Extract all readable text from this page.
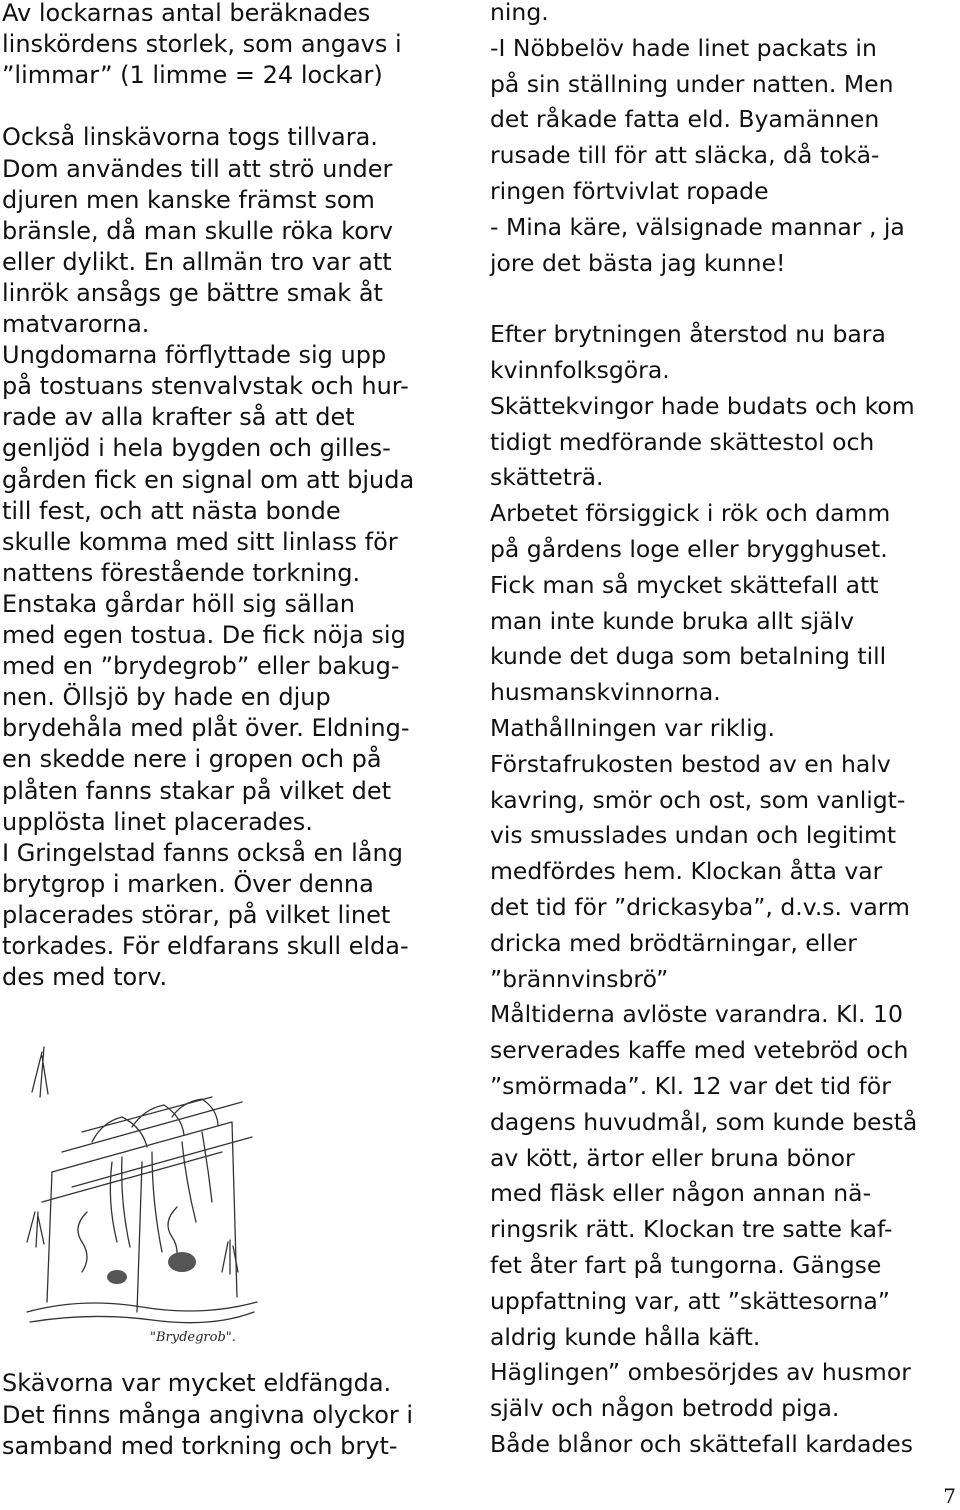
Av lockarnas antal beräknades
linskördens storlek, som angavs i
”limmar” (1 limme = 24 lockar)
Också linskävorna togs tillvara.
Dom användes till att strö under
djuren men kanske främst som
bränsle, då man skulle röka korv
eller dylikt. En allmän tro var att
linrök ansågs ge bättre smak åt
matvarorna.
Ungdomarna förflyttade sig upp
på tostuans stenvalvstak och hur-
rade av alla krafter så att det
genljöd i hela bygden och gilles-
gården fick en signal om att bjuda
till fest, och att nästa bonde
skulle komma med sitt linlass för
nattens förestående torkning.
Enstaka gårdar höll sig sällan
med egen tostua. De fick nöja sig
med en ”brydegrob” eller bakug-
nen. Öllsjö by hade en djup
brydehåla med plåt över. Eldning-
en skedde nere i gropen och på
plåten fanns stakar på vilket det
upplösta linet placerades.
I Gringelstad fanns också en lång
brytgrop i marken. Över denna
placerades störar, på vilket linet
torkades. För eldfarans skull elda-
des med torv.
"Brydegrob".
Skävorna var mycket eldfängda.
Det finns många angivna olyckor i
samband med torkning och bryt-
ning.
-I Nöbbelöv hade linet packats in
på sin ställning under natten. Men
det råkade fatta eld. Byamännen
rusade till för att släcka, då tokä-
ringen förtvivlat ropade
- Mina käre, välsignade mannar , ja
jore det bästa jag kunne!
Efter brytningen återstod nu bara
kvinnfolksgöra.
Skättekvingor hade budats och kom
tidigt medförande skättestol och
skätteträ.
Arbetet försiggick i rök och damm
på gårdens loge eller brygghuset.
Fick man så mycket skättefall att
man inte kunde bruka allt själv
kunde det duga som betalning till
husmanskvinnorna.
Mathållningen var riklig.
Förstafrukosten bestod av en halv
kavring, smör och ost, som vanligt-
vis smusslades undan och legitimt
medfördes hem. Klockan åtta var
det tid för ”drickasyba”, d.v.s. varm
dricka med brödtärningar, eller
”brännvinsbrö”
Måltiderna avlöste varandra. Kl. 10
serverades kaffe med vetebröd och
”smörmada”. Kl. 12 var det tid för
dagens huvudmål, som kunde bestå
av kött, ärtor eller bruna bönor
med fläsk eller någon annan nä-
ringsrik rätt. Klockan tre satte kaf-
fet åter fart på tungorna. Gängse
uppfattning var, att ”skättesorna”
aldrig kunde hålla käft.
Häglingen” ombesörjdes av husmor
själv och någon betrodd piga.
Både blånor och skättefall kardades
7
